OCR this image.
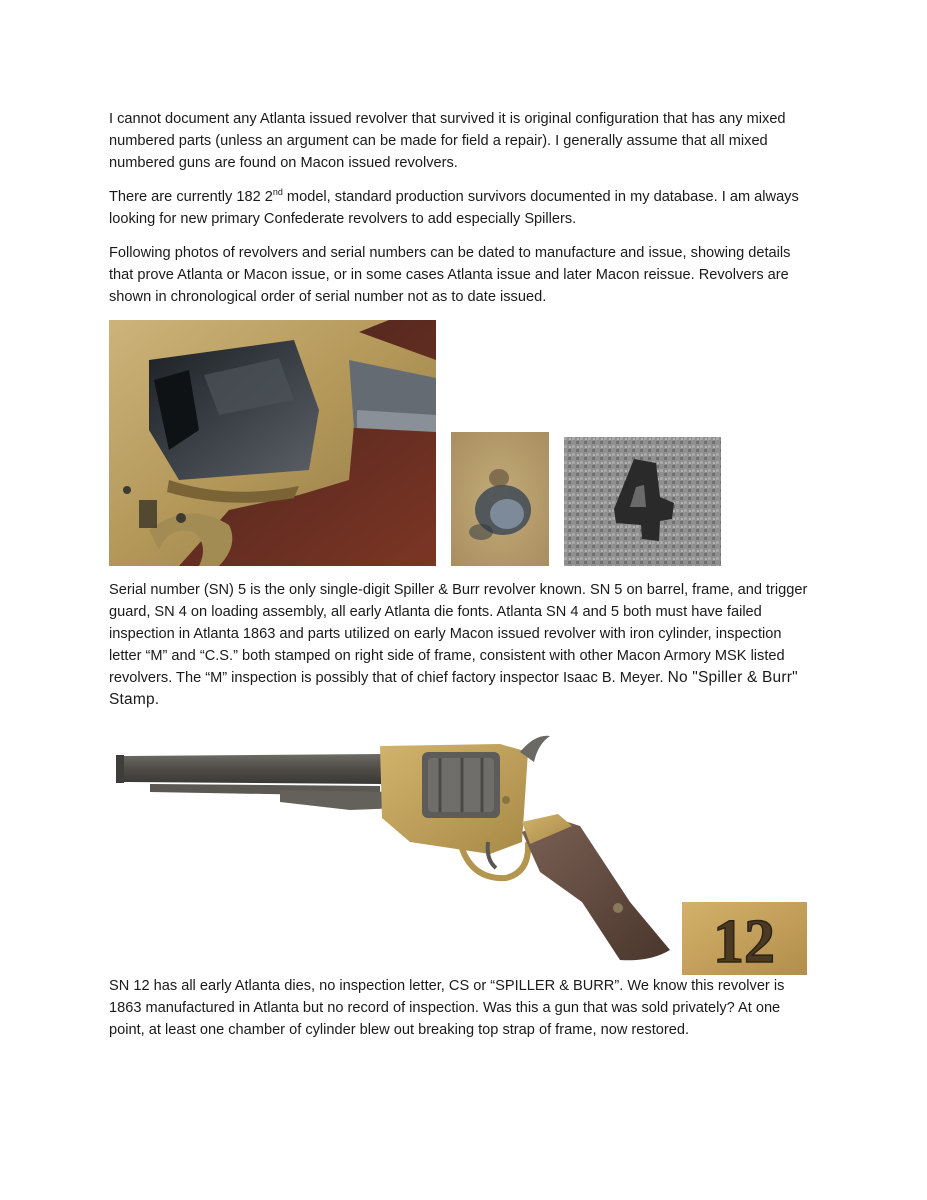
I cannot document any Atlanta issued revolver that survived it is original configuration that has any mixed numbered parts (unless an argument can be made for field a repair). I generally assume that all mixed numbered guns are found on Macon issued revolvers.

There are currently 182 2nd model, standard production survivors documented in my database. I am always looking for new primary Confederate revolvers to add especially Spillers.

Following photos of revolvers and serial numbers can be dated to manufacture and issue, showing details that prove Atlanta or Macon issue, or in some cases Atlanta issue and later Macon reissue. Revolvers are shown in chronological order of serial number not as to date issued.

Serial number (SN) 5 is the only single-digit Spiller & Burr revolver known. SN 5 on barrel, frame, and trigger guard, SN 4 on loading assembly, all early Atlanta die fonts. Atlanta SN 4 and 5 both must have failed inspection in Atlanta 1863 and parts utilized on early Macon issued revolver with iron cylinder, inspection letter “M” and “C.S.” both stamped on right side of frame, consistent with other Macon Armory MSK listed revolvers. The “M” inspection is possibly that of chief factory inspector Isaac B. Meyer. No "Spiller & Burr" Stamp.

12

SN 12 has all early Atlanta dies, no inspection letter, CS or “SPILLER & BURR”. We know this revolver is 1863 manufactured in Atlanta but no record of inspection. Was this a gun that was sold privately? At one point, at least one chamber of cylinder blew out breaking top strap of frame, now restored.
